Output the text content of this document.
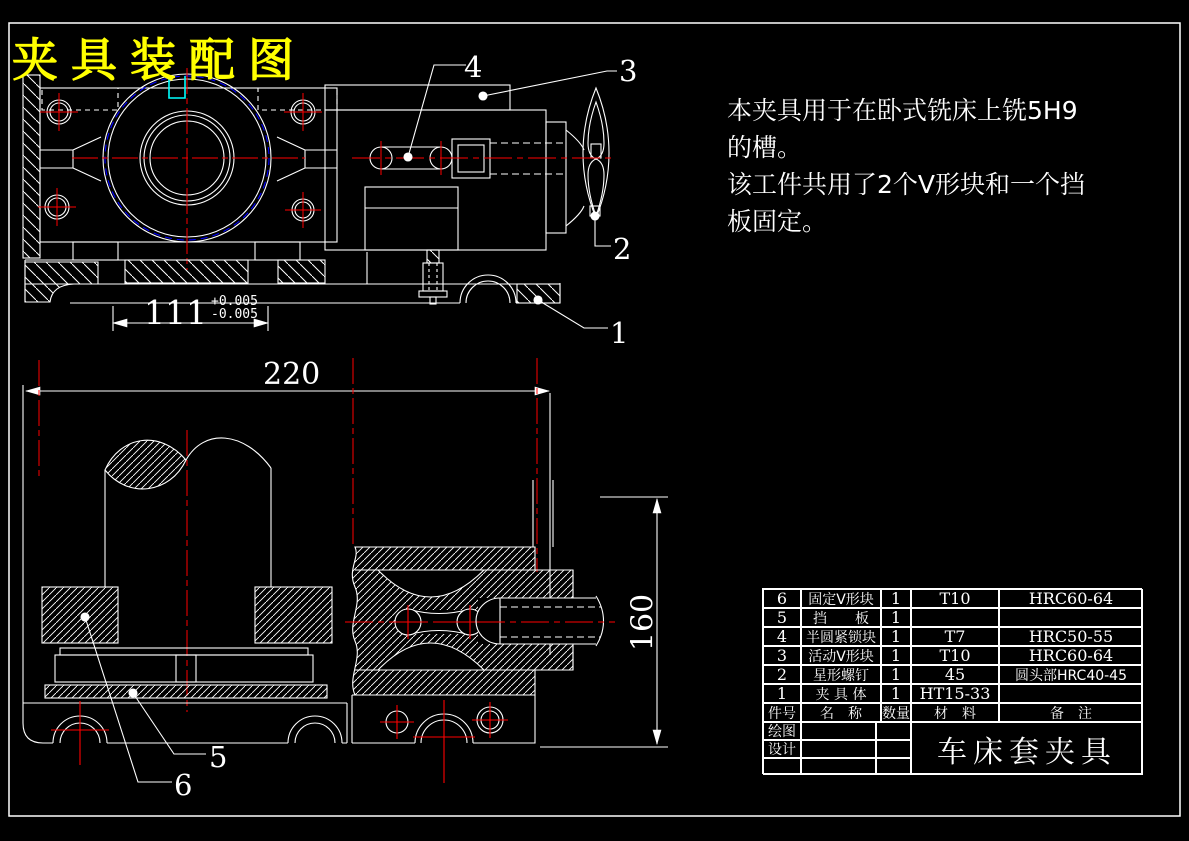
夹具装配图
本夹具用于在卧式铣床上铣5H9
的槽。
该工件共用了2个V形块和一个挡
板固定。
4	3
2
1
5
6
111 +0.005
-0.005
220
160	6	固定V形块	1	T10	HRC60-64
5	挡　　板	1
4	半圆紧锁块 1	T7	HRC50-55
3	活动V形块	1	T10	HRC60-64
2	星形螺钉	1	45	圆头部HRC40-45
1	夹 具 体	1	HT15-33
件号	名　称	数量	材　料	备　注
绘图
设计	车床套夹具
